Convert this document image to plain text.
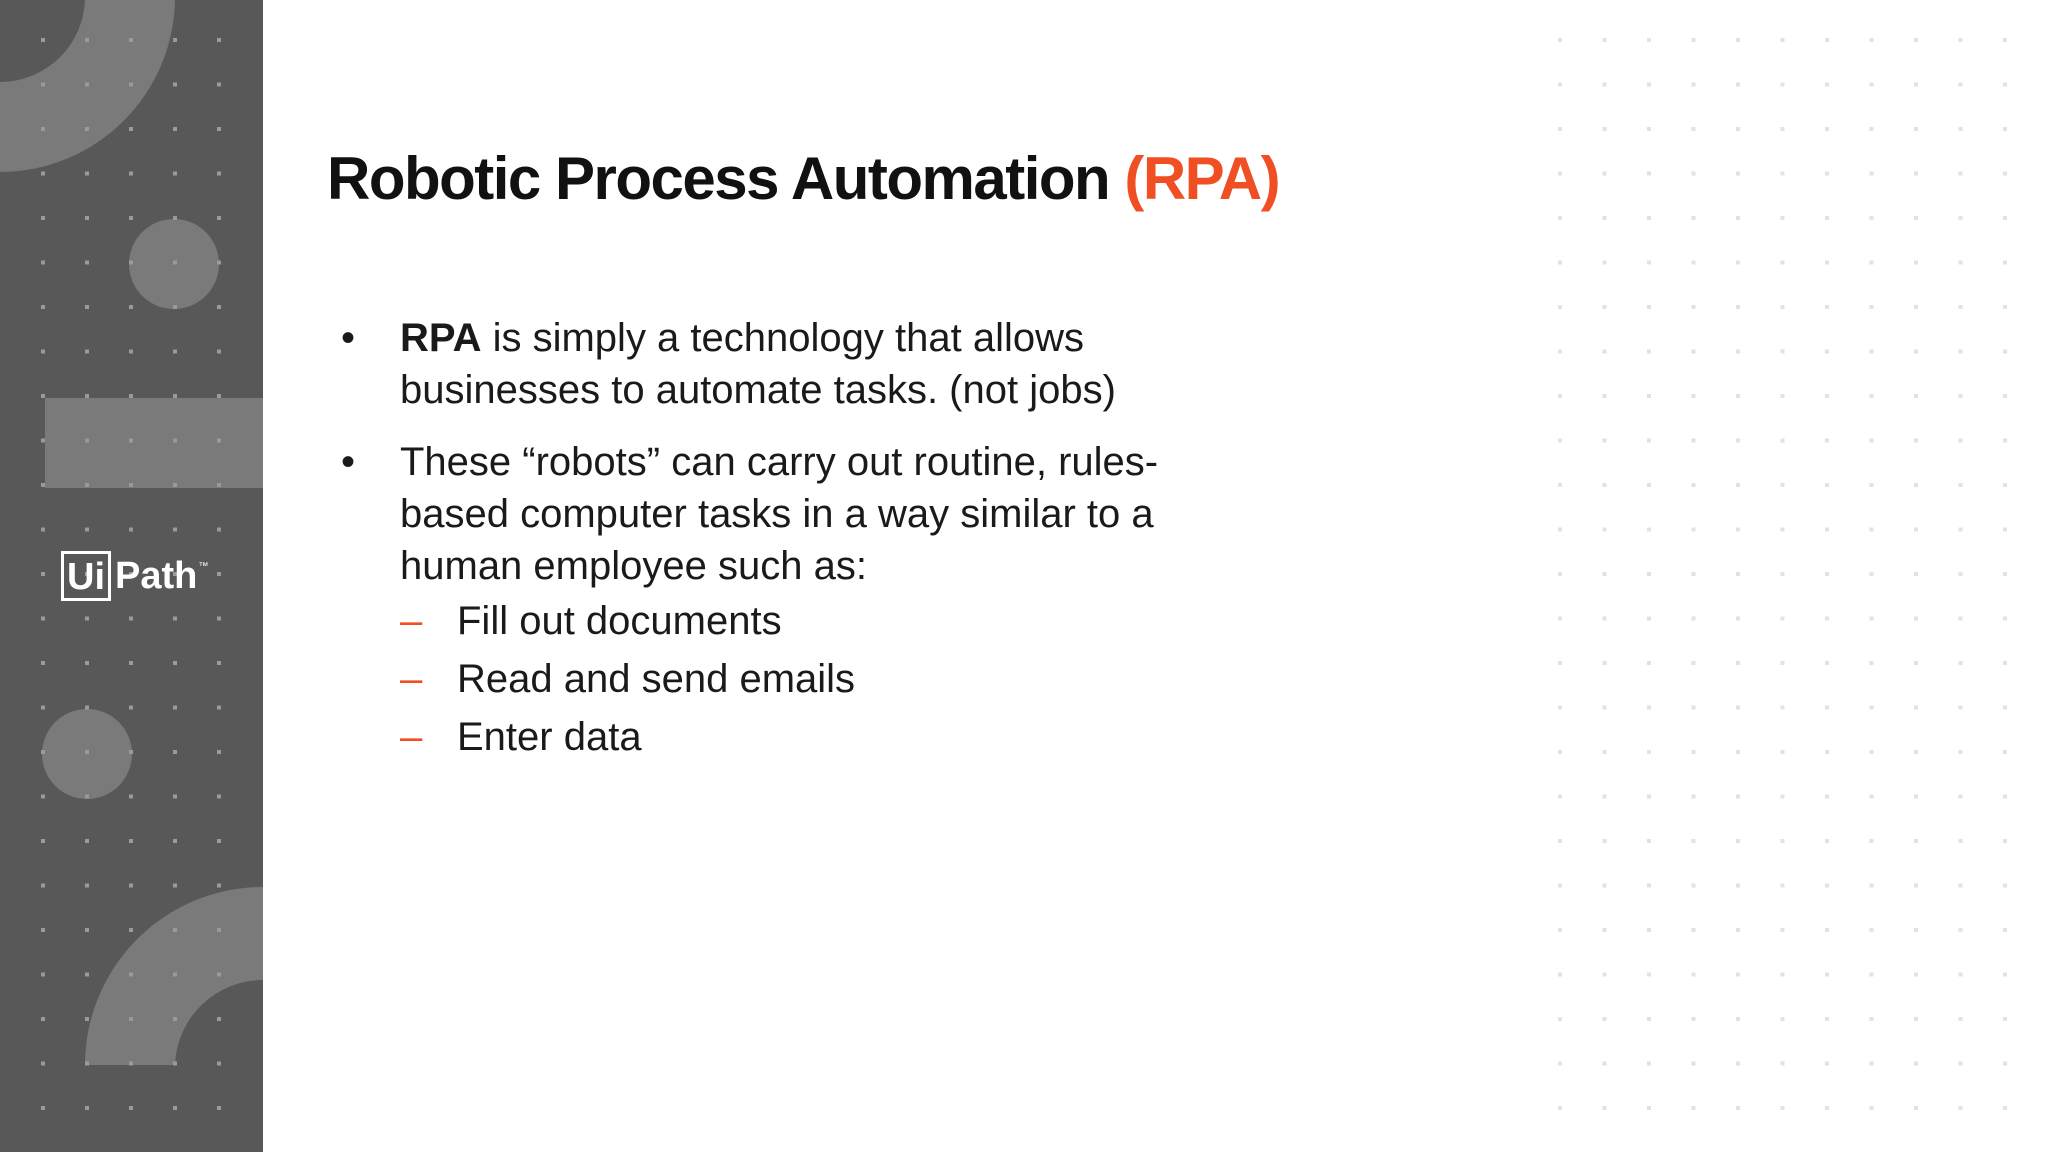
Ui Path ™
Robotic Process Automation (RPA)
• RPA is simply a technology that allows businesses to automate tasks. (not jobs)
• These “robots” can carry out routine, rules-based computer tasks in a way similar to a human employee such as:
– Fill out documents
– Read and send emails
– Enter data
